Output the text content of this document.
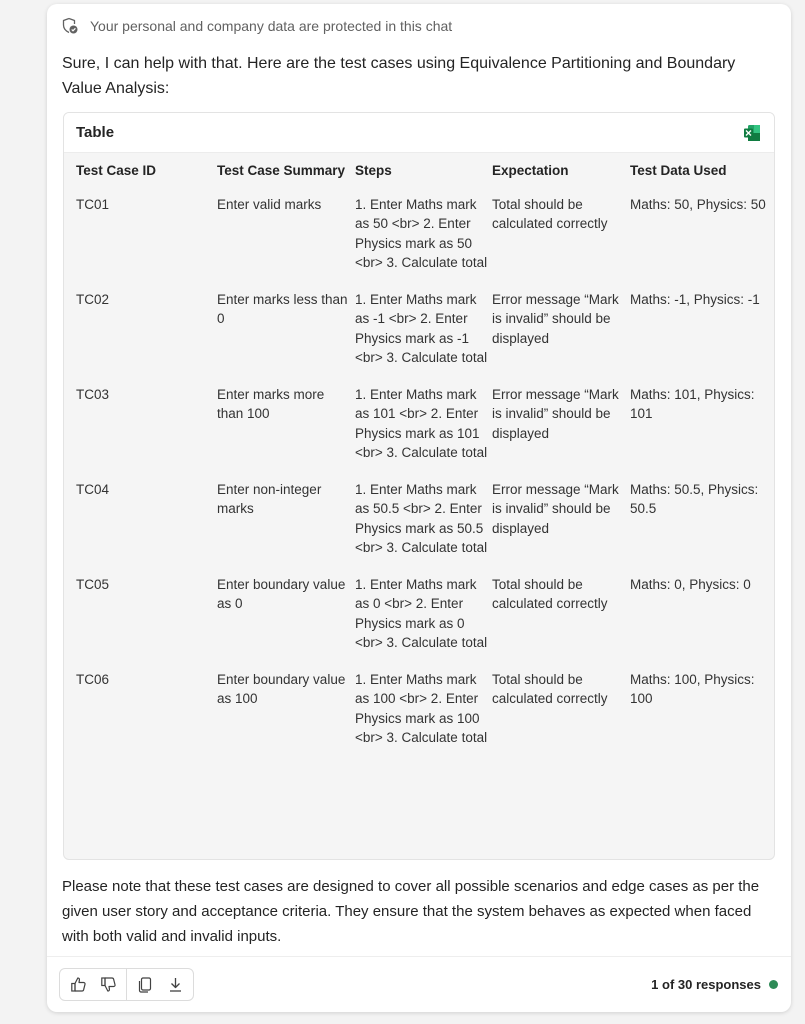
Your personal and company data are protected in this chat

Sure, I can help with that. Here are the test cases using Equivalence Partitioning and Boundary Value Analysis:

Table
Test Case ID	Test Case Summary	Steps	Expectation	Test Data Used
TC01	Enter valid marks	1. Enter Maths mark as 50 <br> 2. Enter Physics mark as 50 <br> 3. Calculate total	Total should be calculated correctly	Maths: 50, Physics: 50
TC02	Enter marks less than 0	1. Enter Maths mark as -1 <br> 2. Enter Physics mark as -1 <br> 3. Calculate total	Error message “Mark is invalid” should be displayed	Maths: -1, Physics: -1
TC03	Enter marks more than 100	1. Enter Maths mark as 101 <br> 2. Enter Physics mark as 101 <br> 3. Calculate total	Error message “Mark is invalid” should be displayed	Maths: 101, Physics: 101
TC04	Enter non-integer marks	1. Enter Maths mark as 50.5 <br> 2. Enter Physics mark as 50.5 <br> 3. Calculate total	Error message “Mark is invalid” should be displayed	Maths: 50.5, Physics: 50.5
TC05	Enter boundary value as 0	1. Enter Maths mark as 0 <br> 2. Enter Physics mark as 0 <br> 3. Calculate total	Total should be calculated correctly	Maths: 0, Physics: 0
TC06	Enter boundary value as 100	1. Enter Maths mark as 100 <br> 2. Enter Physics mark as 100 <br> 3. Calculate total	Total should be calculated correctly	Maths: 100, Physics: 100

Please note that these test cases are designed to cover all possible scenarios and edge cases as per the given user story and acceptance criteria. They ensure that the system behaves as expected when faced with both valid and invalid inputs.

1 of 30 responses
